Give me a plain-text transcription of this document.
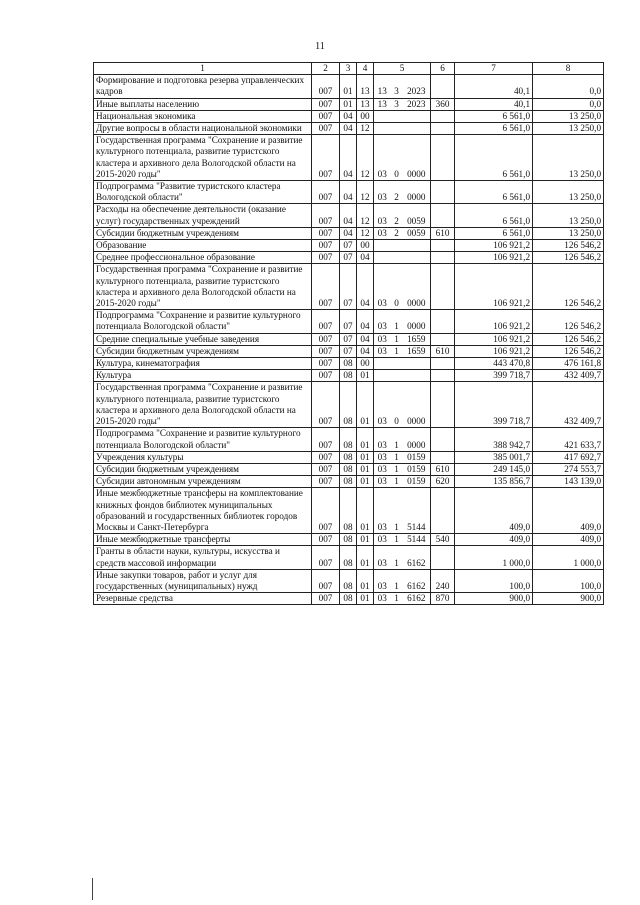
11
1	2	3	4	5			6	7	8
Формирование и подготовка резерва управленческих кадров	007	01	13	13	3	2023		40,1	0,0
Иные выплаты населению	007	01	13	13	3	2023	360	40,1	0,0
Национальная экономика	007	04	00					6 561,0	13 250,0
Другие вопросы в области национальной экономики	007	04	12					6 561,0	13 250,0
Государственная программа "Сохранение и развитие культурного потенциала, развитие туристского кластера и архивного дела Вологодской области на 2015-2020 годы"	007	04	12	03	0	0000		6 561,0	13 250,0
Подпрограмма "Развитие туристского кластера Вологодской области"	007	04	12	03	2	0000		6 561,0	13 250,0
Расходы на обеспечение деятельности (оказание услуг) государственных учреждений	007	04	12	03	2	0059		6 561,0	13 250,0
Субсидии бюджетным учреждениям	007	04	12	03	2	0059	610	6 561,0	13 250,0
Образование	007	07	00					106 921,2	126 546,2
Среднее профессиональное образование	007	07	04					106 921,2	126 546,2
Государственная программа "Сохранение и развитие культурного потенциала, развитие туристского кластера и архивного дела Вологодской области на 2015-2020 годы"	007	07	04	03	0	0000		106 921,2	126 546,2
Подпрограмма "Сохранение и развитие культурного потенциала Вологодской области"	007	07	04	03	1	0000		106 921,2	126 546,2
Средние специальные учебные заведения	007	07	04	03	1	1659		106 921,2	126 546,2
Субсидии бюджетным учреждениям	007	07	04	03	1	1659	610	106 921,2	126 546,2
Культура, кинематография	007	08	00					443 470,8	476 161,8
Культура	007	08	01					399 718,7	432 409,7
Государственная программа "Сохранение и развитие культурного потенциала, развитие туристского кластера и архивного дела Вологодской области на 2015-2020 годы"	007	08	01	03	0	0000		399 718,7	432 409,7
Подпрограмма "Сохранение и развитие культурного потенциала Вологодской области"	007	08	01	03	1	0000		388 942,7	421 633,7
Учреждения культуры	007	08	01	03	1	0159		385 001,7	417 692,7
Субсидии бюджетным учреждениям	007	08	01	03	1	0159	610	249 145,0	274 553,7
Субсидии автономным учреждениям	007	08	01	03	1	0159	620	135 856,7	143 139,0
Иные межбюджетные трансферы на комплектование книжных фондов библиотек муниципальных образований и государственных библиотек городов Москвы и Санкт-Петербурга	007	08	01	03	1	5144		409,0	409,0
Иные межбюджетные трансферты	007	08	01	03	1	5144	540	409,0	409,0
Гранты в области науки, культуры, искусства и средств массовой информации	007	08	01	03	1	6162		1 000,0	1 000,0
Иные закупки товаров, работ и услуг для государственных (муниципальных) нужд	007	08	01	03	1	6162	240	100,0	100,0
Резервные средства	007	08	01	03	1	6162	870	900,0	900,0
